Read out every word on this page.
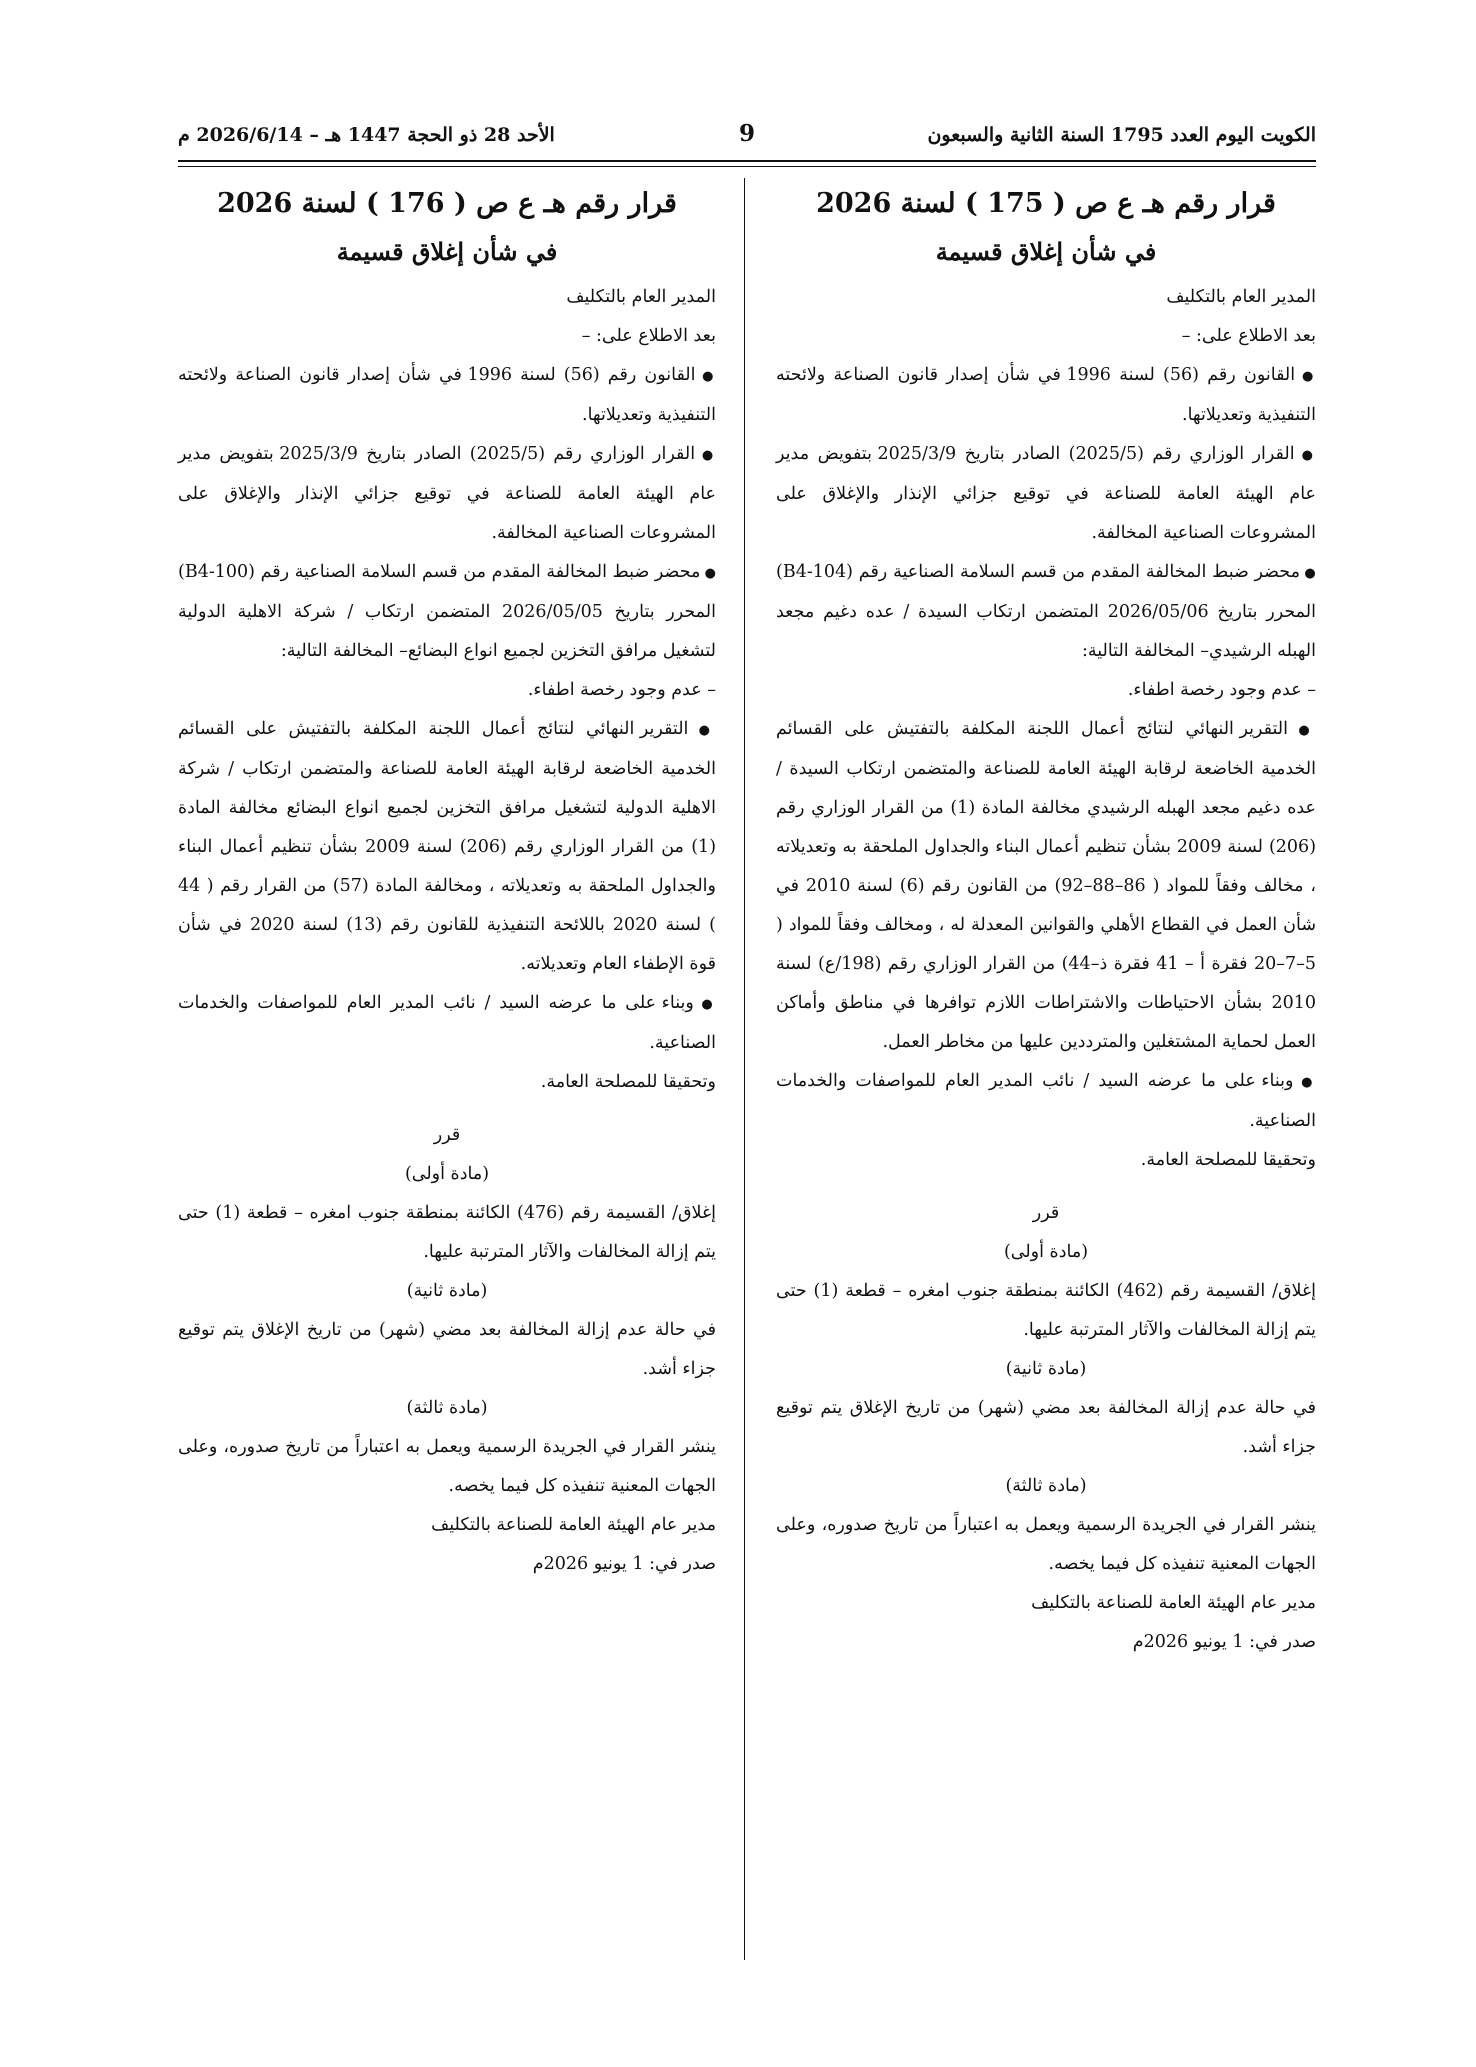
الكويت اليوم العدد 1795 السنة الثانية والسبعون
9
الأحد 28 ذو الحجة 1447 هـ – 2026/6/14 م
قرار رقم هـ ع ص ( 175 ) لسنة 2026
في شأن إغلاق قسيمة

المدير العام بالتكليف

بعد الاطلاع على: –

● القانون رقم (56) لسنة 1996 في شأن إصدار قانون الصناعة ولائحته التنفيذية وتعديلاتها.

● القرار الوزاري رقم (2025/5) الصادر بتاريخ 2025/3/9 بتفويض مدير عام الهيئة العامة للصناعة في توقيع جزائي الإنذار والإغلاق على المشروعات الصناعية المخالفة.

● محضر ضبط المخالفة المقدم من قسم السلامة الصناعية رقم (B4-104) المحرر بتاريخ 2026/05/06 المتضمن ارتكاب السيدة / عده دغيم مجعد الهبله الرشيدي– المخالفة التالية:

– عدم وجود رخصة اطفاء.

● التقرير النهائي لنتائج أعمال اللجنة المكلفة بالتفتيش على القسائم الخدمية الخاضعة لرقابة الهيئة العامة للصناعة والمتضمن ارتكاب السيدة / عده دغيم مجعد الهبله الرشيدي مخالفة المادة (1) من القرار الوزاري رقم (206) لسنة 2009 بشأن تنظيم أعمال البناء والجداول الملحقة به وتعديلاته ، مخالف وفقاً للمواد ( 86–88–92) من القانون رقم (6) لسنة 2010 في شأن العمل في القطاع الأهلي والقوانين المعدلة له ، ومخالف وفقاً للمواد ( 5–7–20 فقرة أ – 41 فقرة ذ–44) من القرار الوزاري رقم (198/ع) لسنة 2010 بشأن الاحتياطات والاشتراطات اللازم توافرها في مناطق وأماكن العمل لحماية المشتغلين والمترددين عليها من مخاطر العمل.

● وبناء على ما عرضه السيد / نائب المدير العام للمواصفات والخدمات الصناعية.

وتحقيقا للمصلحة العامة.

قرر

(مادة أولى)

إغلاق/ القسيمة رقم (462) الكائنة بمنطقة جنوب امغره – قطعة (1) حتى يتم إزالة المخالفات والآثار المترتبة عليها.

(مادة ثانية)

في حالة عدم إزالة المخالفة بعد مضي (شهر) من تاريخ الإغلاق يتم توقيع جزاء أشد.

(مادة ثالثة)

ينشر القرار في الجريدة الرسمية ويعمل به اعتباراً من تاريخ صدوره، وعلى الجهات المعنية تنفيذه كل فيما يخصه.

مدير عام الهيئة العامة للصناعة بالتكليف

صدر في: 1 يونيو 2026م

قرار رقم هـ ع ص ( 176 ) لسنة 2026
في شأن إغلاق قسيمة

المدير العام بالتكليف

بعد الاطلاع على: –

● القانون رقم (56) لسنة 1996 في شأن إصدار قانون الصناعة ولائحته التنفيذية وتعديلاتها.

● القرار الوزاري رقم (2025/5) الصادر بتاريخ 2025/3/9 بتفويض مدير عام الهيئة العامة للصناعة في توقيع جزائي الإنذار والإغلاق على المشروعات الصناعية المخالفة.

● محضر ضبط المخالفة المقدم من قسم السلامة الصناعية رقم (B4-100) المحرر بتاريخ 2026/05/05 المتضمن ارتكاب / شركة الاهلية الدولية لتشغيل مرافق التخزين لجميع انواع البضائع– المخالفة التالية:

– عدم وجود رخصة اطفاء.

● التقرير النهائي لنتائج أعمال اللجنة المكلفة بالتفتيش على القسائم الخدمية الخاضعة لرقابة الهيئة العامة للصناعة والمتضمن ارتكاب / شركة الاهلية الدولية لتشغيل مرافق التخزين لجميع انواع البضائع مخالفة المادة (1) من القرار الوزاري رقم (206) لسنة 2009 بشأن تنظيم أعمال البناء والجداول الملحقة به وتعديلاته ، ومخالفة المادة (57) من القرار رقم ( 44 ) لسنة 2020 باللائحة التنفيذية للقانون رقم (13) لسنة 2020 في شأن قوة الإطفاء العام وتعديلاته.

● وبناء على ما عرضه السيد / نائب المدير العام للمواصفات والخدمات الصناعية.

وتحقيقا للمصلحة العامة.

قرر

(مادة أولى)

إغلاق/ القسيمة رقم (476) الكائنة بمنطقة جنوب امغره – قطعة (1) حتى يتم إزالة المخالفات والآثار المترتبة عليها.

(مادة ثانية)

في حالة عدم إزالة المخالفة بعد مضي (شهر) من تاريخ الإغلاق يتم توقيع جزاء أشد.

(مادة ثالثة)

ينشر القرار في الجريدة الرسمية ويعمل به اعتباراً من تاريخ صدوره، وعلى الجهات المعنية تنفيذه كل فيما يخصه.

مدير عام الهيئة العامة للصناعة بالتكليف

صدر في: 1 يونيو 2026م
